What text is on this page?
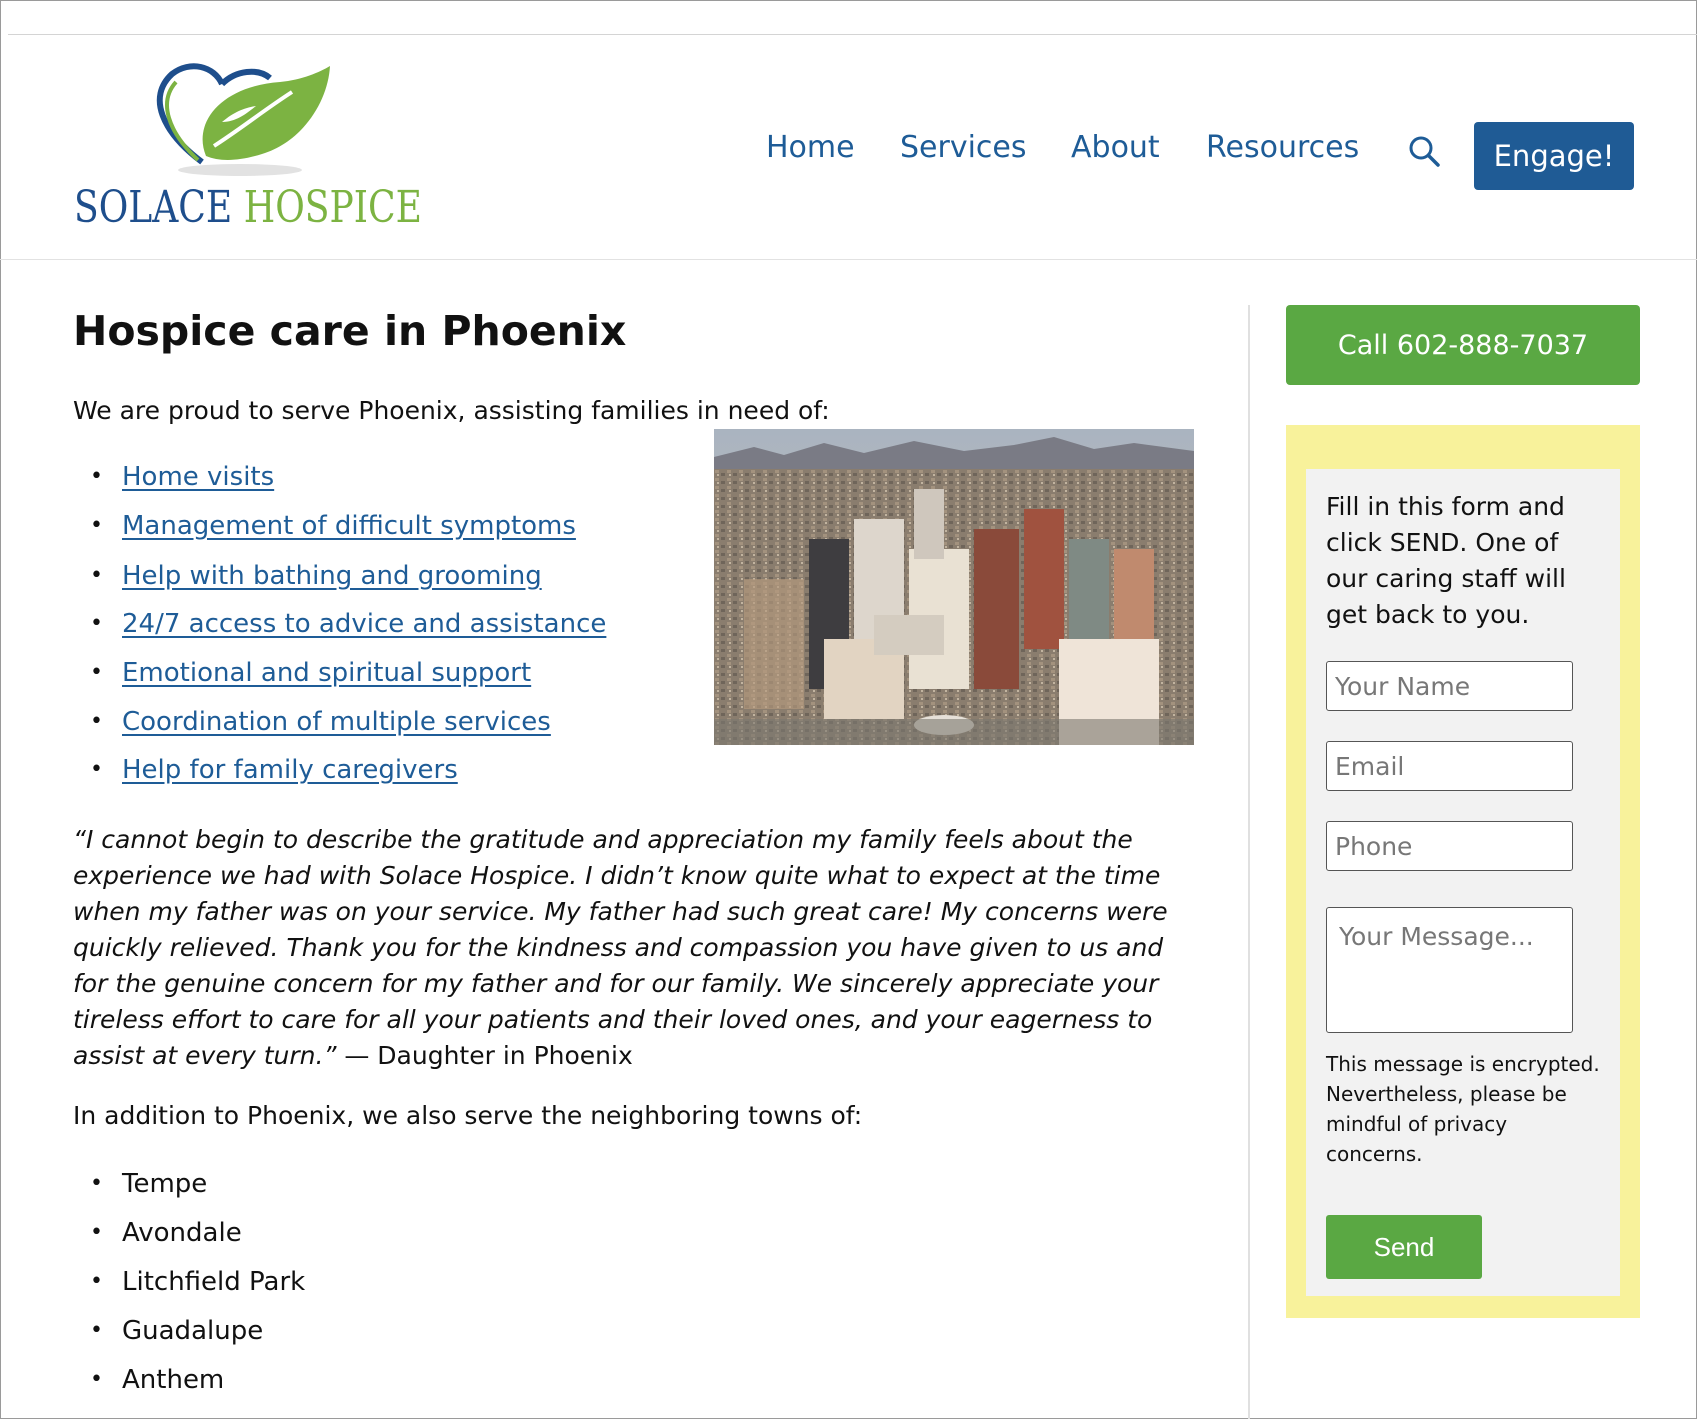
SOLACE HOSPICE
Home Services About Resources	Engage!
Hospice care in Phoenix
We are proud to serve Phoenix, assisting families in need of:
Home visits
Management of difficult symptoms
Help with bathing and grooming
24/7 access to advice and assistance
Emotional and spiritual support
Coordination of multiple services
Help for family caregivers

“I cannot begin to describe the gratitude and appreciation my family feels about the experience we had with Solace Hospice. I didn’t know quite what to expect at the time when my father was on your service. My father had such great care! My concerns were quickly relieved. Thank you for the kindness and compassion you have given to us and for the genuine concern for my father and for our family. We sincerely appreciate your tireless effort to care for all your patients and their loved ones, and your eagerness to assist at every turn.” — Daughter in Phoenix

In addition to Phoenix, we also serve the neighboring towns of:
Tempe
Avondale
Litchfield Park
Guadalupe
Anthem
Call 602-888-7037

Fill in this form and click SEND. One of our caring staff will get back to you.

Your Name
Email
Phone
Your Message...

This message is encrypted. Nevertheless, please be mindful of privacy concerns.

Send
